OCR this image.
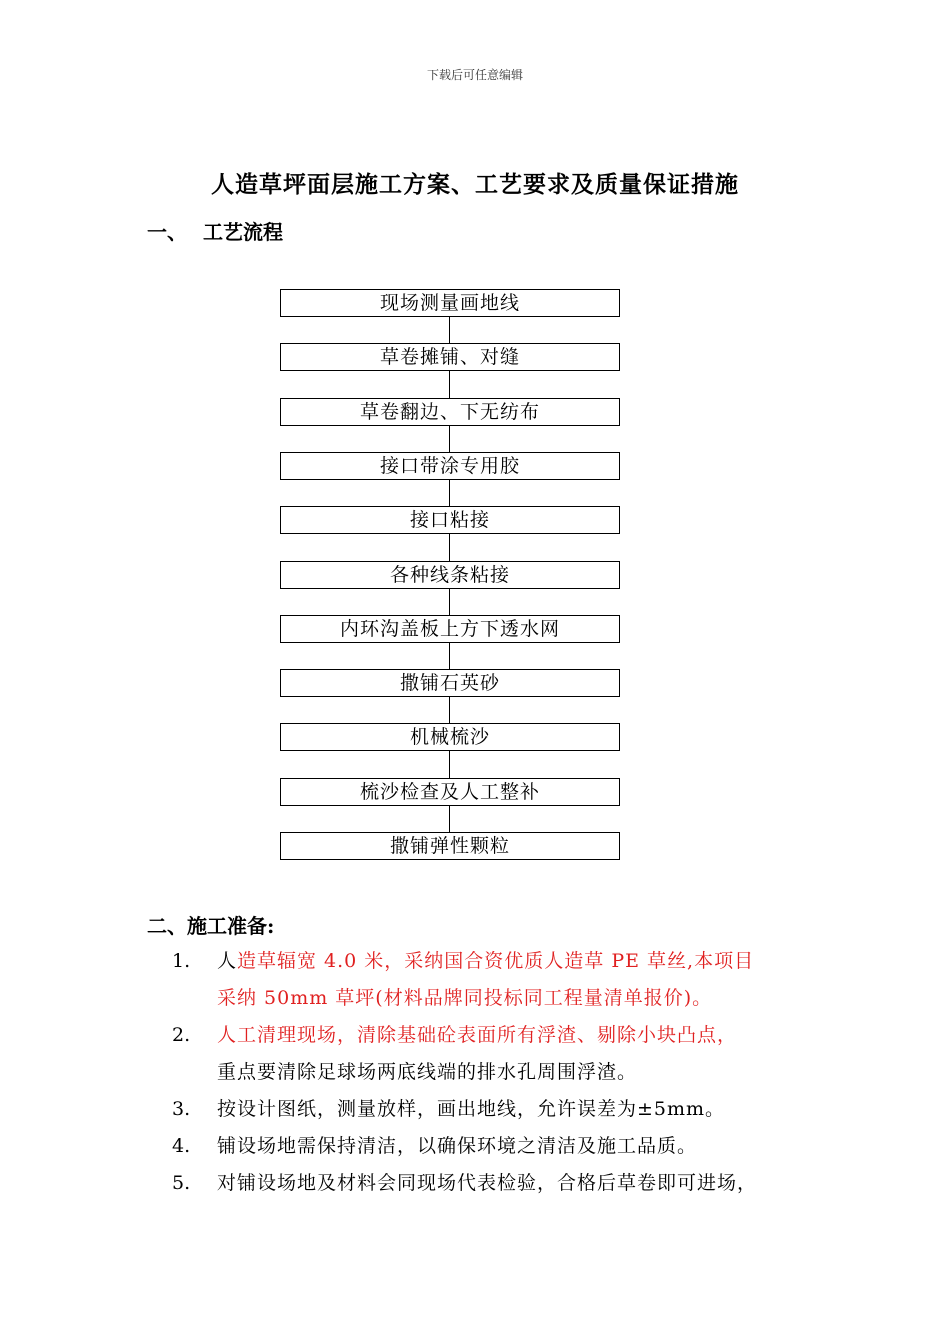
下载后可任意编辑
人造草坪面层施工方案、工艺要求及质量保证措施
一、 工艺流程
现场测量画地线
草卷摊铺、对缝
草卷翻边、下无纺布
接口带涂专用胶
接口粘接
各种线条粘接
内环沟盖板上方下透水网
撒铺石英砂
机械梳沙
梳沙检查及人工整补
撒铺弹性颗粒
二、施工准备:
1.	人造草辐宽 4.0 米，采纳国合资优质人造草 PE 草丝,本项目
采纳 50mm 草坪(材料品牌同投标同工程量清单报价)。
2.	人工清理现场，清除基础砼表面所有浮渣、剔除小块凸点，
重点要清除足球场两底线端的排水孔周围浮渣。
3.	按设计图纸，测量放样，画出地线，允许误差为±5mm。
4.	铺设场地需保持清洁，以确保环境之清洁及施工品质。
5.	对铺设场地及材料会同现场代表检验，合格后草卷即可进场，
